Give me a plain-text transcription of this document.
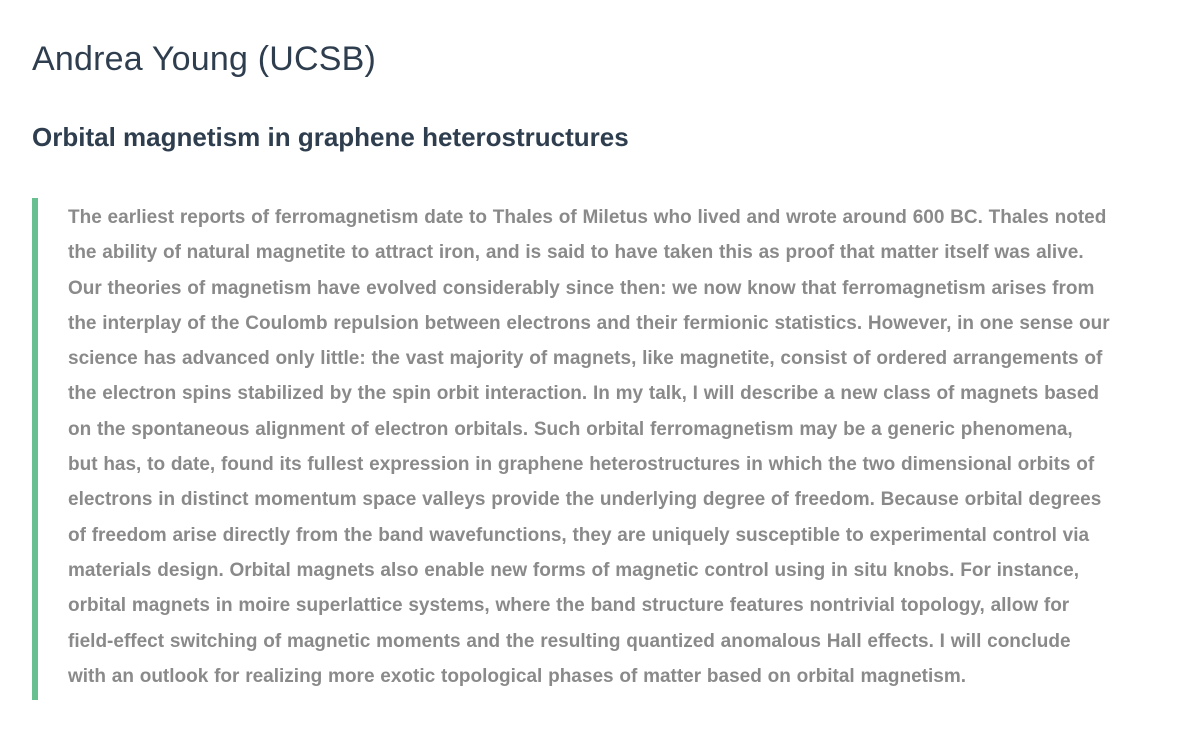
Andrea Young (UCSB)
Orbital magnetism in graphene heterostructures

The earliest reports of ferromagnetism date to Thales of Miletus who lived and wrote around 600 BC. Thales noted
the ability of natural magnetite to attract iron, and is said to have taken this as proof that matter itself was alive.
Our theories of magnetism have evolved considerably since then: we now know that ferromagnetism arises from
the interplay of the Coulomb repulsion between electrons and their fermionic statistics. However, in one sense our
science has advanced only little: the vast majority of magnets, like magnetite, consist of ordered arrangements of
the electron spins stabilized by the spin orbit interaction. In my talk, I will describe a new class of magnets based
on the spontaneous alignment of electron orbitals. Such orbital ferromagnetism may be a generic phenomena,
but has, to date, found its fullest expression in graphene heterostructures in which the two dimensional orbits of
electrons in distinct momentum space valleys provide the underlying degree of freedom. Because orbital degrees
of freedom arise directly from the band wavefunctions, they are uniquely susceptible to experimental control via
materials design. Orbital magnets also enable new forms of magnetic control using in situ knobs. For instance,
orbital magnets in moire superlattice systems, where the band structure features nontrivial topology, allow for
field-effect switching of magnetic moments and the resulting quantized anomalous Hall effects. I will conclude
with an outlook for realizing more exotic topological phases of matter based on orbital magnetism.
